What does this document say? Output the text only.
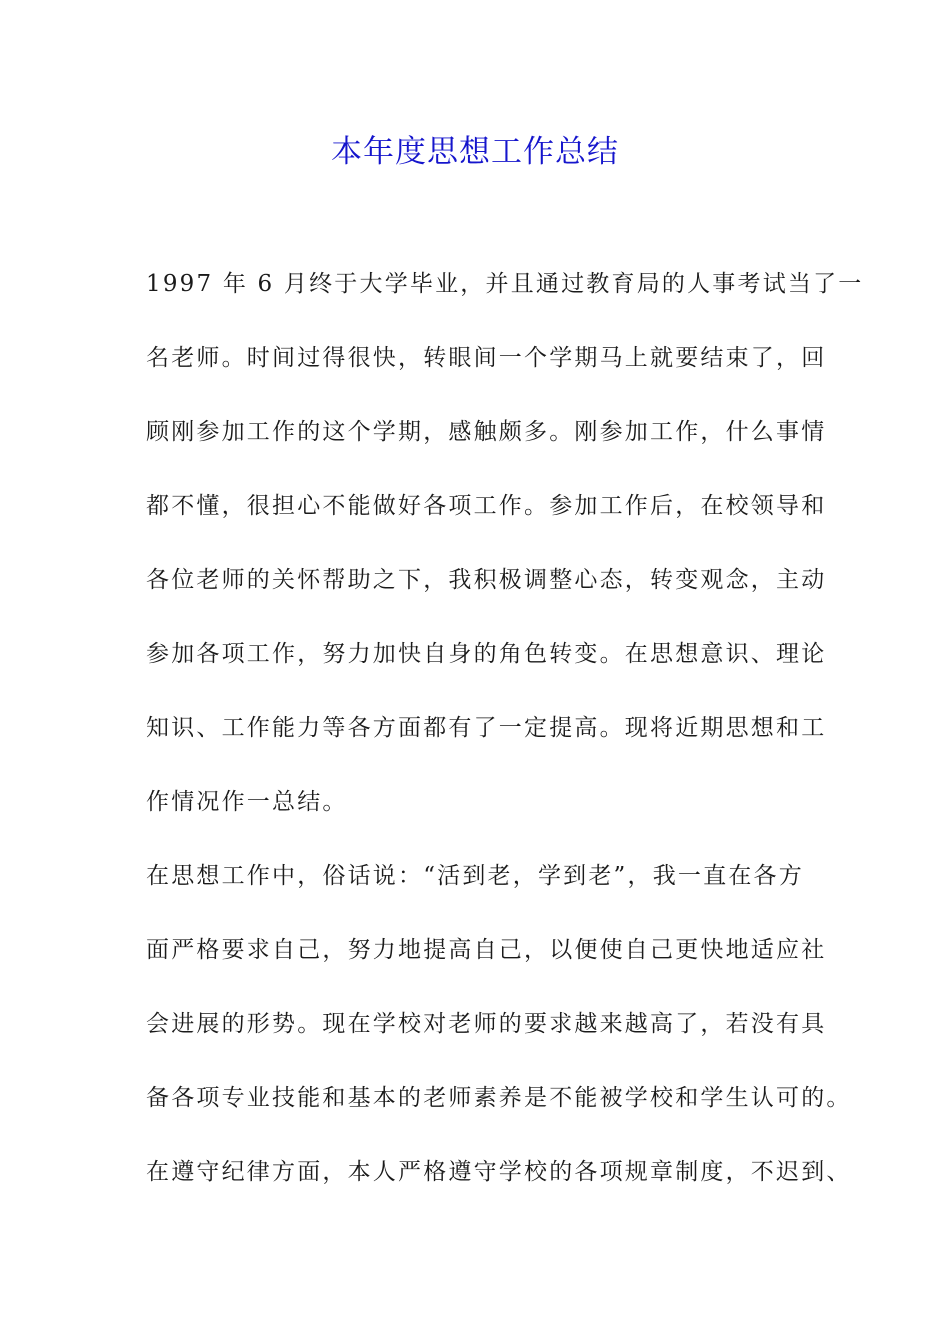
本年度思想工作总结

1997 年 6 月终于大学毕业，并且通过教育局的人事考试当了一

名老师。时间过得很快，转眼间一个学期马上就要结束了，回

顾刚参加工作的这个学期，感触颇多。刚参加工作，什么事情

都不懂，很担心不能做好各项工作。参加工作后，在校领导和

各位老师的关怀帮助之下，我积极调整心态，转变观念，主动

参加各项工作，努力加快自身的角色转变。在思想意识、理论

知识、工作能力等各方面都有了一定提高。现将近期思想和工

作情况作一总结。

在思想工作中，俗话说：“活到老，学到老”，我一直在各方

面严格要求自己，努力地提高自己，以便使自己更快地适应社

会进展的形势。现在学校对老师的要求越来越高了，若没有具

备各项专业技能和基本的老师素养是不能被学校和学生认可的。

在遵守纪律方面，本人严格遵守学校的各项规章制度，不迟到、
